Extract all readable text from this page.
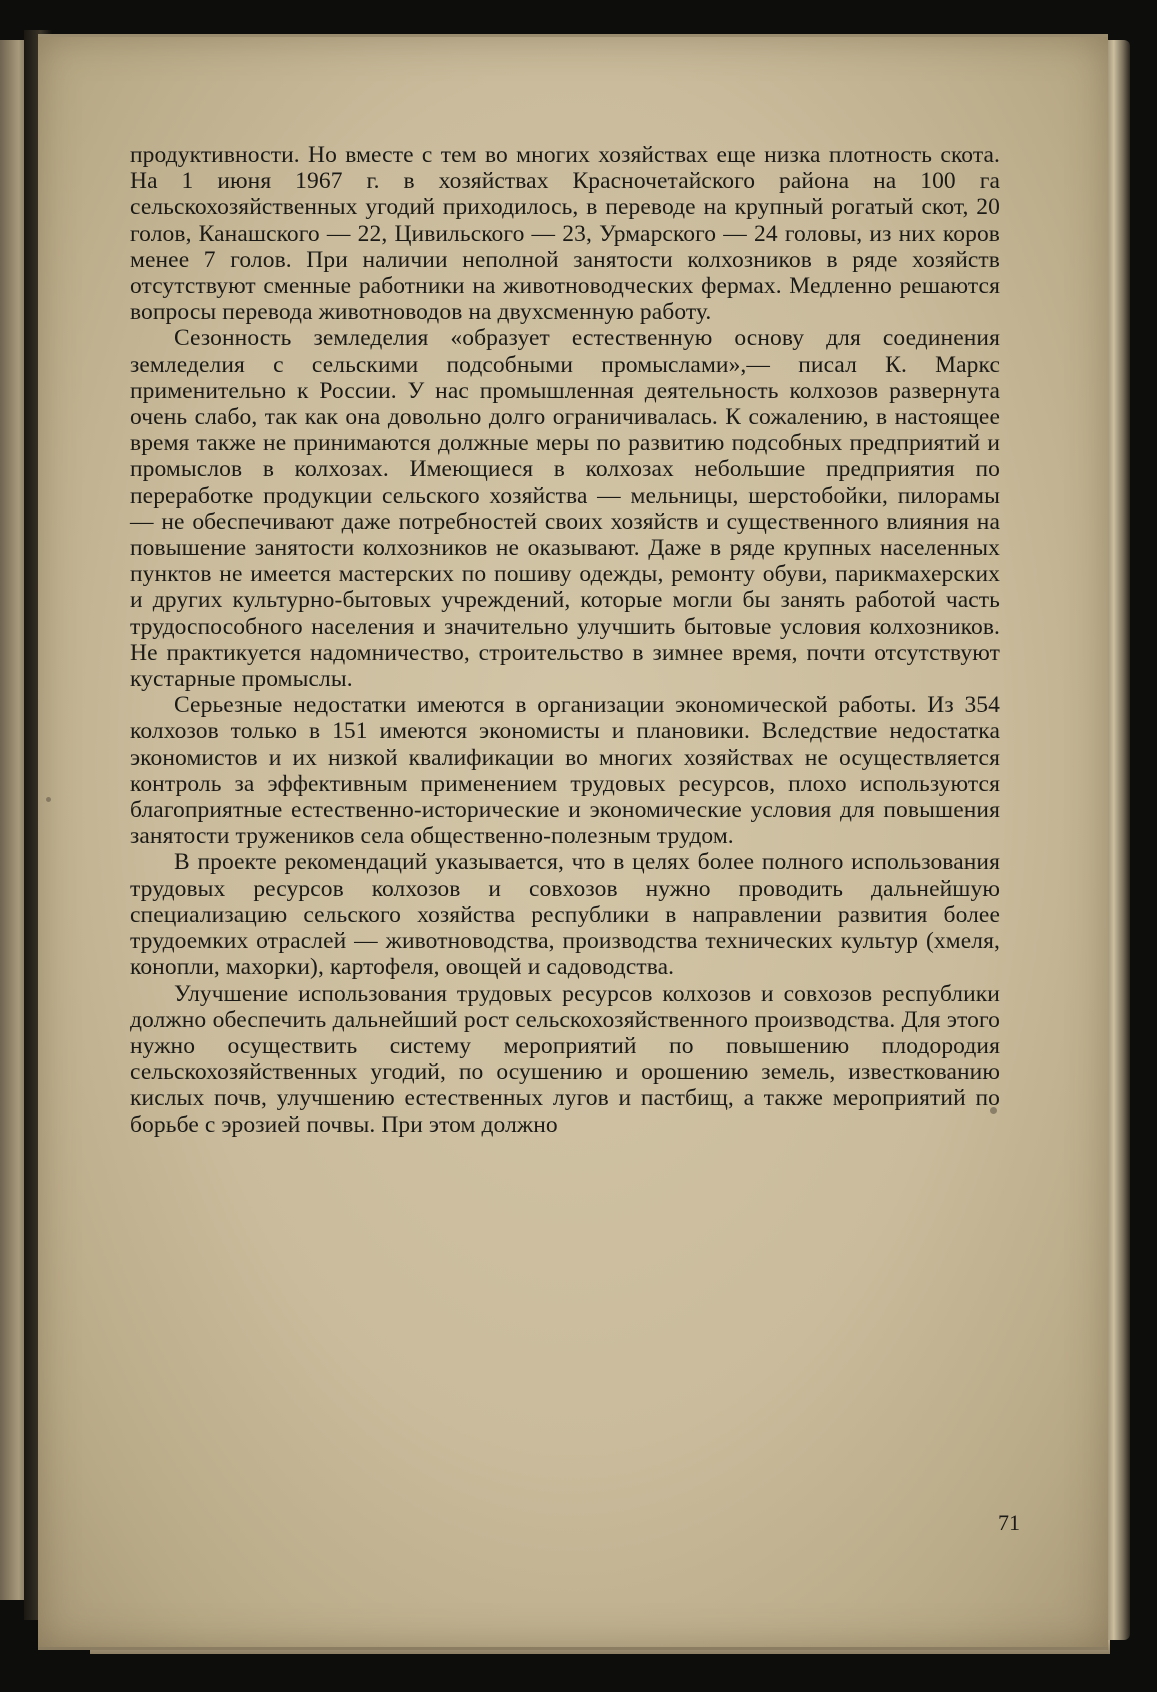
продуктивности. Но вместе с тем во многих хозяйствах еще низка плотность скота. На 1 июня 1967 г. в хозяйствах Красночетайского района на 100 га сельскохозяйственных угодий приходилось, в переводе на крупный рогатый скот, 20 голов, Канашского — 22, Цивильского — 23, Урмарского — 24 головы, из них коров менее 7 голов. При наличии неполной занятости колхозников в ряде хозяйств отсутствуют сменные работники на животноводческих фермах. Медленно решаются вопросы перевода животноводов на двухсменную работу.

Сезонность земледелия «образует естественную основу для соединения земледелия с сельскими подсобными промыслами»,— писал К. Маркс применительно к России. У нас промышленная деятельность колхозов развернута очень слабо, так как она довольно долго ограничивалась. К сожалению, в настоящее время также не принимаются должные меры по развитию подсобных предприятий и промыслов в колхозах. Имеющиеся в колхозах небольшие предприятия по переработке продукции сельского хозяйства — мельницы, шерстобойки, пилорамы — не обеспечивают даже потребностей своих хозяйств и существенного влияния на повышение занятости колхозников не оказывают. Даже в ряде крупных населенных пунктов не имеется мастерских по пошиву одежды, ремонту обуви, парикмахерских и других культурно-бытовых учреждений, которые могли бы занять работой часть трудоспособного населения и значительно улучшить бытовые условия колхозников. Не практикуется надомничество, строительство в зимнее время, почти отсутствуют кустарные промыслы.

Серьезные недостатки имеются в организации экономической работы. Из 354 колхозов только в 151 имеются экономисты и плановики. Вследствие недостатка экономистов и их низкой квалификации во многих хозяйствах не осуществляется контроль за эффективным применением трудовых ресурсов, плохо используются благоприятные естественно-исторические и экономические условия для повышения занятости тружеников села общественно-полезным трудом.

В проекте рекомендаций указывается, что в целях более полного использования трудовых ресурсов колхозов и совхозов нужно проводить дальнейшую специализацию сельского хозяйства республики в направлении развития более трудоемких отраслей — животноводства, производства технических культур (хмеля, конопли, махорки), картофеля, овощей и садоводства.

Улучшение использования трудовых ресурсов колхозов и совхозов республики должно обеспечить дальнейший рост сельскохозяйственного производства. Для этого нужно осуществить систему мероприятий по повышению плодородия сельскохозяйственных угодий, по осушению и орошению земель, известкованию кислых почв, улучшению естественных лугов и пастбищ, а также мероприятий по борьбе с эрозией почвы. При этом должно

71
